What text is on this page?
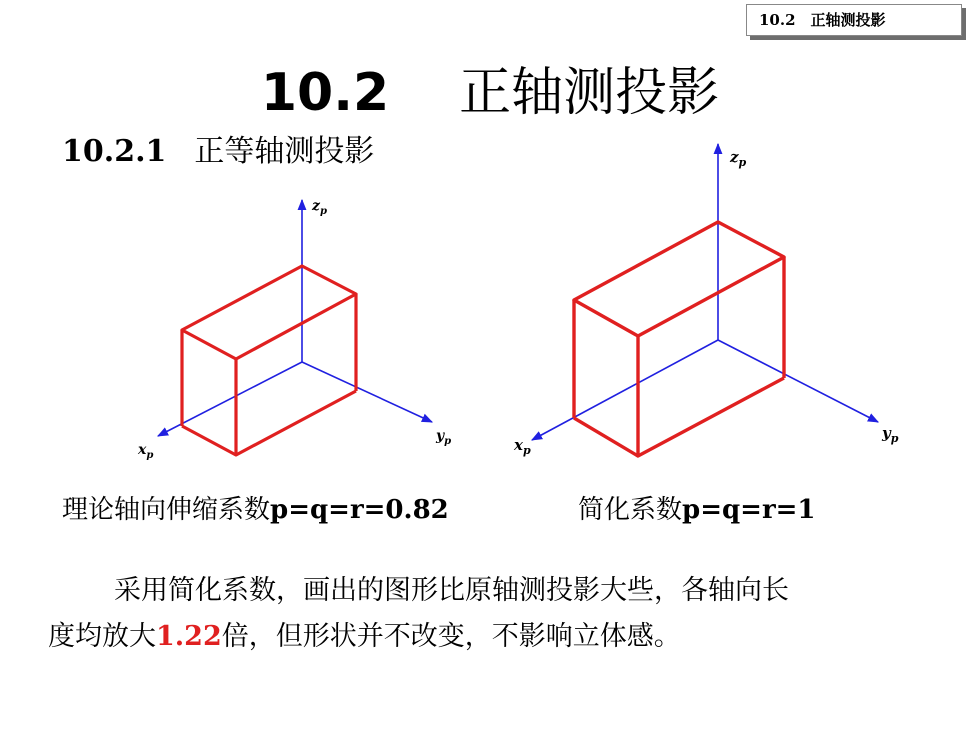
10.2　正轴测投影
10.2 正轴测投影
10.2.1 正等轴测投影
$z_p$
$x_p$
$y_p$
$z_p$
$x_p$
$y_p$
理论轴向伸缩系数p=q=r=0.82	简化系数p=q=r=1
采用简化系数，画出的图形比原轴测投影大些，各轴向长
度均放大1.22倍，但形状并不改变，不影响立体感。
